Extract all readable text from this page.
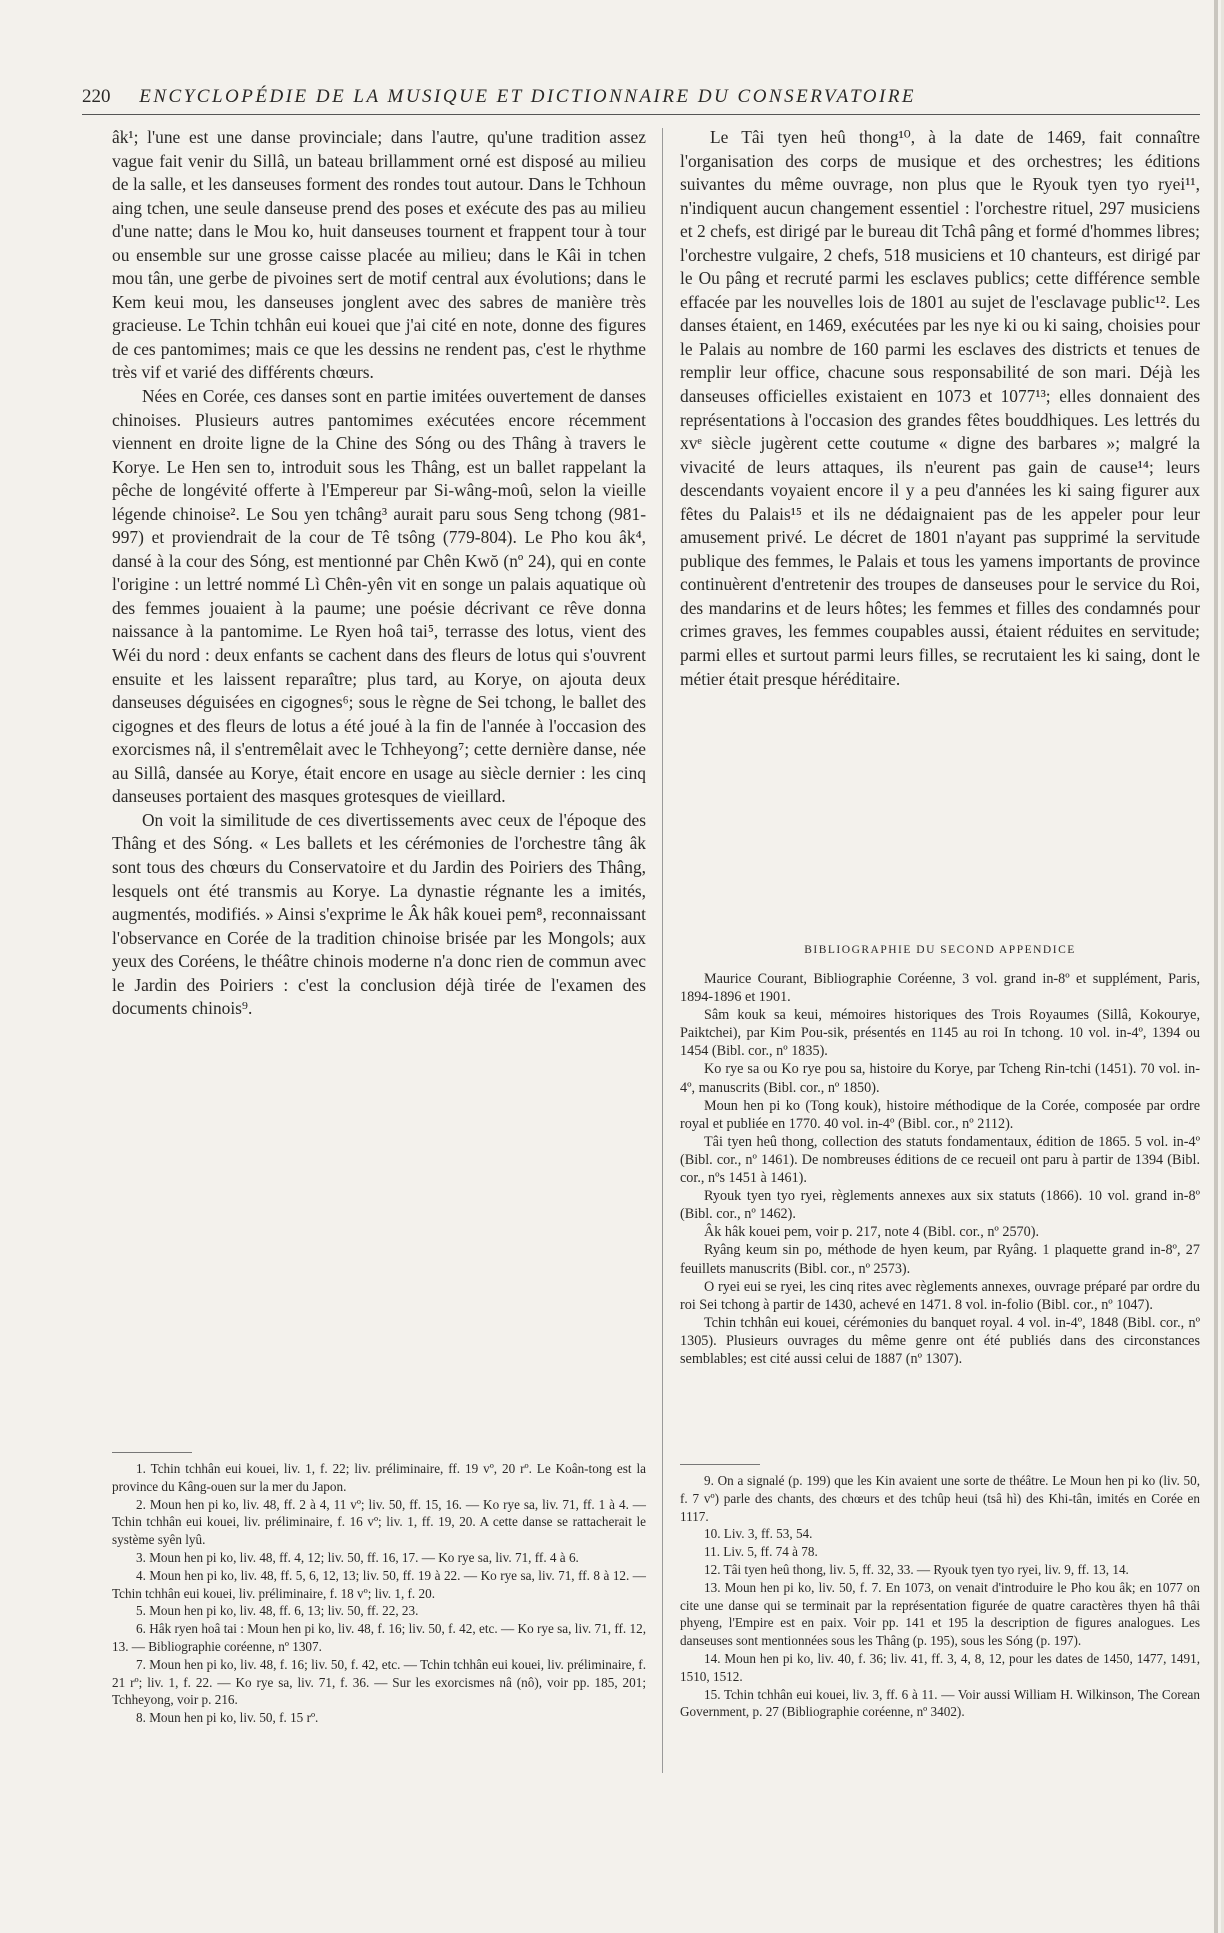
220 ENCYCLOPÉDIE DE LA MUSIQUE ET DICTIONNAIRE DU CONSERVATOIRE

âk¹; l'une est une danse provinciale; dans l'autre, qu'une tradition assez vague fait venir du Sillâ, un bateau brillamment orné est disposé au milieu de la salle, et les danseuses forment des rondes tout autour. Dans le Tchhoun aing tchen, une seule danseuse prend des poses et exécute des pas au milieu d'une natte; dans le Mou ko, huit danseuses tournent et frappent tour à tour ou ensemble sur une grosse caisse placée au milieu; dans le Kâi in tchen mou tân, une gerbe de pivoines sert de motif central aux évolutions; dans le Kem keui mou, les danseuses jonglent avec des sabres de manière très gracieuse. Le Tchin tchhân eui kouei que j'ai cité en note, donne des figures de ces pantomimes; mais ce que les dessins ne rendent pas, c'est le rhythme très vif et varié des différents chœurs.

Nées en Corée, ces danses sont en partie imitées ouvertement de danses chinoises. Plusieurs autres pantomimes exécutées encore récemment viennent en droite ligne de la Chine des Sóng ou des Thâng à travers le Korye. Le Hen sen to, introduit sous les Thâng, est un ballet rappelant la pêche de longévité offerte à l'Empereur par Si-wâng-moû, selon la vieille légende chinoise². Le Sou yen tchâng³ aurait paru sous Seng tchong (981-997) et proviendrait de la cour de Tê tsông (779-804). Le Pho kou âk⁴, dansé à la cour des Sóng, est mentionné par Chên Kwŏ (nº 24), qui en conte l'origine : un lettré nommé Lì Chên-yên vit en songe un palais aquatique où des femmes jouaient à la paume; une poésie décrivant ce rêve donna naissance à la pantomime. Le Ryen hoâ tai⁵, terrasse des lotus, vient des Wéi du nord : deux enfants se cachent dans des fleurs de lotus qui s'ouvrent ensuite et les laissent reparaître; plus tard, au Korye, on ajouta deux danseuses déguisées en cigognes⁶; sous le règne de Sei tchong, le ballet des cigognes et des fleurs de lotus a été joué à la fin de l'année à l'occasion des exorcismes nâ, il s'entremêlait avec le Tchheyong⁷; cette dernière danse, née au Sillâ, dansée au Korye, était encore en usage au siècle dernier : les cinq danseuses portaient des masques grotesques de vieillard.

On voit la similitude de ces divertissements avec ceux de l'époque des Thâng et des Sóng. « Les ballets et les cérémonies de l'orchestre tâng âk sont tous des chœurs du Conservatoire et du Jardin des Poiriers des Thâng, lesquels ont été transmis au Korye. La dynastie régnante les a imités, augmentés, modifiés. » Ainsi s'exprime le Âk hâk kouei pem⁸, reconnaissant l'observance en Corée de la tradition chinoise brisée par les Mongols; aux yeux des Coréens, le théâtre chinois moderne n'a donc rien de commun avec le Jardin des Poiriers : c'est la conclusion déjà tirée de l'examen des documents chinois⁹.

Le Tâi tyen heû thong¹⁰, à la date de 1469, fait connaître l'organisation des corps de musique et des orchestres; les éditions suivantes du même ouvrage, non plus que le Ryouk tyen tyo ryei¹¹, n'indiquent aucun changement essentiel : l'orchestre rituel, 297 musiciens et 2 chefs, est dirigé par le bureau dit Tchâ pâng et formé d'hommes libres; l'orchestre vulgaire, 2 chefs, 518 musiciens et 10 chanteurs, est dirigé par le Ou pâng et recruté parmi les esclaves publics; cette différence semble effacée par les nouvelles lois de 1801 au sujet de l'esclavage public¹². Les danses étaient, en 1469, exécutées par les nye ki ou ki saing, choisies pour le Palais au nombre de 160 parmi les esclaves des districts et tenues de remplir leur office, chacune sous responsabilité de son mari. Déjà les danseuses officielles existaient en 1073 et 1077¹³; elles donnaient des représentations à l'occasion des grandes fêtes bouddhiques. Les lettrés du xvᵉ siècle jugèrent cette coutume « digne des barbares »; malgré la vivacité de leurs attaques, ils n'eurent pas gain de cause¹⁴; leurs descendants voyaient encore il y a peu d'années les ki saing figurer aux fêtes du Palais¹⁵ et ils ne dédaignaient pas de les appeler pour leur amusement privé. Le décret de 1801 n'ayant pas supprimé la servitude publique des femmes, le Palais et tous les yamens importants de province continuèrent d'entretenir des troupes de danseuses pour le service du Roi, des mandarins et de leurs hôtes; les femmes et filles des condamnés pour crimes graves, les femmes coupables aussi, étaient réduites en servitude; parmi elles et surtout parmi leurs filles, se recrutaient les ki saing, dont le métier était presque héréditaire.

BIBLIOGRAPHIE DU SECOND APPENDICE

Maurice Courant, Bibliographie Coréenne, 3 vol. grand in-8º et supplément, Paris, 1894-1896 et 1901.

Sâm kouk sa keui, mémoires historiques des Trois Royaumes (Sillâ, Kokourye, Paiktchei), par Kim Pou-sik, présentés en 1145 au roi In tchong. 10 vol. in-4º, 1394 ou 1454 (Bibl. cor., nº 1835).

Ko rye sa ou Ko rye pou sa, histoire du Korye, par Tcheng Rin-tchi (1451). 70 vol. in-4º, manuscrits (Bibl. cor., nº 1850).

Moun hen pi ko (Tong kouk), histoire méthodique de la Corée, composée par ordre royal et publiée en 1770. 40 vol. in-4º (Bibl. cor., nº 2112).

Tâi tyen heû thong, collection des statuts fondamentaux, édition de 1865. 5 vol. in-4º (Bibl. cor., nº 1461). De nombreuses éditions de ce recueil ont paru à partir de 1394 (Bibl. cor., nºs 1451 à 1461).

Ryouk tyen tyo ryei, règlements annexes aux six statuts (1866). 10 vol. grand in-8º (Bibl. cor., nº 1462).

Âk hâk kouei pem, voir p. 217, note 4 (Bibl. cor., nº 2570).

Ryâng keum sin po, méthode de hyen keum, par Ryâng. 1 plaquette grand in-8º, 27 feuillets manuscrits (Bibl. cor., nº 2573).

O ryei eui se ryei, les cinq rites avec règlements annexes, ouvrage préparé par ordre du roi Sei tchong à partir de 1430, achevé en 1471. 8 vol. in-folio (Bibl. cor., nº 1047).

Tchin tchhân eui kouei, cérémonies du banquet royal. 4 vol. in-4º, 1848 (Bibl. cor., nº 1305). Plusieurs ouvrages du même genre ont été publiés dans des circonstances semblables; est cité aussi celui de 1887 (nº 1307).

1. Tchin tchhân eui kouei, liv. 1, f. 22; liv. préliminaire, ff. 19 vº, 20 rº. Le Koân-tong est la province du Kâng-ouen sur la mer du Japon.

2. Moun hen pi ko, liv. 48, ff. 2 à 4, 11 vº; liv. 50, ff. 15, 16. — Ko rye sa, liv. 71, ff. 1 à 4. — Tchin tchhân eui kouei, liv. préliminaire, f. 16 vº; liv. 1, ff. 19, 20. A cette danse se rattacherait le système syên lyû.

3. Moun hen pi ko, liv. 48, ff. 4, 12; liv. 50, ff. 16, 17. — Ko rye sa, liv. 71, ff. 4 à 6.

4. Moun hen pi ko, liv. 48, ff. 5, 6, 12, 13; liv. 50, ff. 19 à 22. — Ko rye sa, liv. 71, ff. 8 à 12. — Tchin tchhân eui kouei, liv. préliminaire, f. 18 vº; liv. 1, f. 20.

5. Moun hen pi ko, liv. 48, ff. 6, 13; liv. 50, ff. 22, 23.

6. Hâk ryen hoâ tai : Moun hen pi ko, liv. 48, f. 16; liv. 50, f. 42, etc. — Ko rye sa, liv. 71, ff. 12, 13. — Bibliographie coréenne, nº 1307.

7. Moun hen pi ko, liv. 48, f. 16; liv. 50, f. 42, etc. — Tchin tchhân eui kouei, liv. préliminaire, f. 21 rº; liv. 1, f. 22. — Ko rye sa, liv. 71, f. 36. — Sur les exorcismes nâ (nô), voir pp. 185, 201; Tchheyong, voir p. 216.

8. Moun hen pi ko, liv. 50, f. 15 rº.

9. On a signalé (p. 199) que les Kin avaient une sorte de théâtre. Le Moun hen pi ko (liv. 50, f. 7 vº) parle des chants, des chœurs et des tchûp heui (tsâ hì) des Khi-tân, imités en Corée en 1117.

10. Liv. 3, ff. 53, 54.

11. Liv. 5, ff. 74 à 78.

12. Tâi tyen heû thong, liv. 5, ff. 32, 33. — Ryouk tyen tyo ryei, liv. 9, ff. 13, 14.

13. Moun hen pi ko, liv. 50, f. 7. En 1073, on venait d'introduire le Pho kou âk; en 1077 on cite une danse qui se terminait par la représentation figurée de quatre caractères thyen hâ thâi phyeng, l'Empire est en paix. Voir pp. 141 et 195 la description de figures analogues. Les danseuses sont mentionnées sous les Thâng (p. 195), sous les Sóng (p. 197).

14. Moun hen pi ko, liv. 40, f. 36; liv. 41, ff. 3, 4, 8, 12, pour les dates de 1450, 1477, 1491, 1510, 1512.

15. Tchin tchhân eui kouei, liv. 3, ff. 6 à 11. — Voir aussi William H. Wilkinson, The Corean Government, p. 27 (Bibliographie coréenne, nº 3402).
